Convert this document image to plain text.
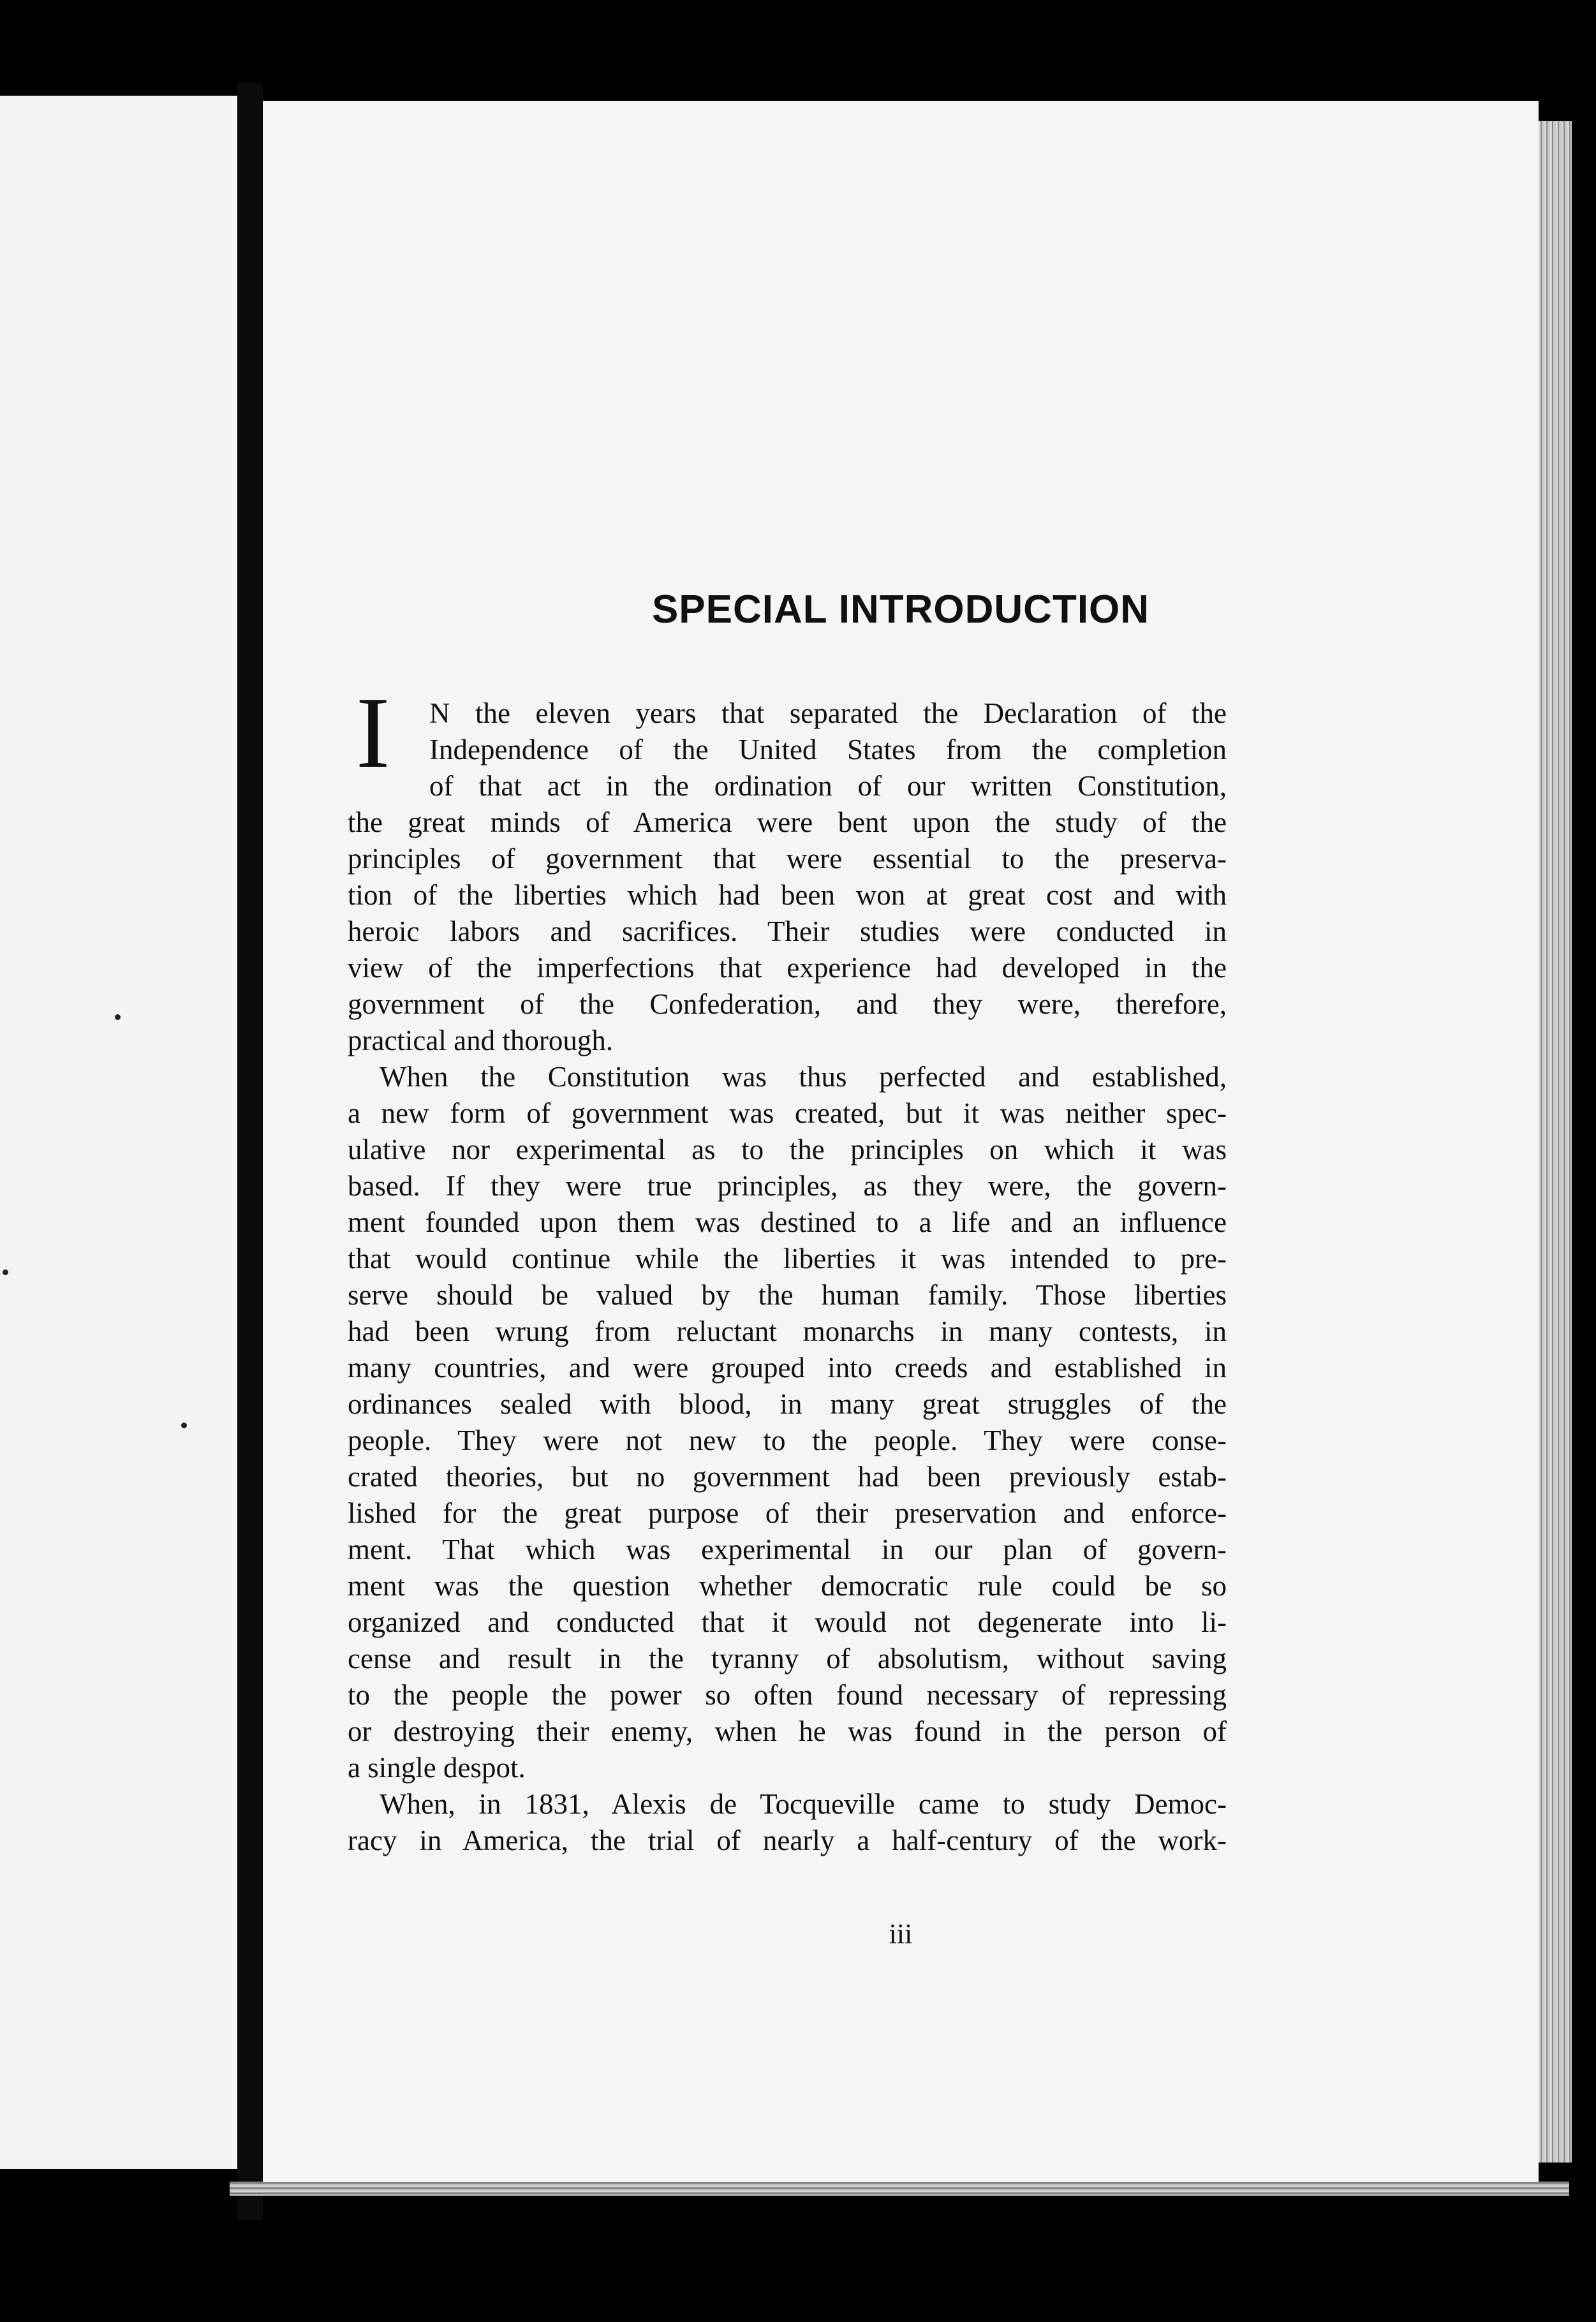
SPECIAL INTRODUCTION
I N the eleven years that separated the Declaration of the
Independence of the United States from the completion
of that act in the ordination of our written Constitution,
the great minds of America were bent upon the study of the
principles of government that were essential to the preserva-
tion of the liberties which had been won at great cost and with
heroic labors and sacrifices. Their studies were conducted in
view of the imperfections that experience had developed in the
government of the Confederation, and they were, therefore,
practical and thorough.
When the Constitution was thus perfected and established,
a new form of government was created, but it was neither spec-
ulative nor experimental as to the principles on which it was
based. If they were true principles, as they were, the govern-
ment founded upon them was destined to a life and an influence
that would continue while the liberties it was intended to pre-
serve should be valued by the human family. Those liberties
had been wrung from reluctant monarchs in many contests, in
many countries, and were grouped into creeds and established in
ordinances sealed with blood, in many great struggles of the
people. They were not new to the people. They were conse-
crated theories, but no government had been previously estab-
lished for the great purpose of their preservation and enforce-
ment. That which was experimental in our plan of govern-
ment was the question whether democratic rule could be so
organized and conducted that it would not degenerate into li-
cense and result in the tyranny of absolutism, without saving
to the people the power so often found necessary of repressing
or destroying their enemy, when he was found in the person of
a single despot.
When, in 1831, Alexis de Tocqueville came to study Democ-
racy in America, the trial of nearly a half-century of the work-
iii
